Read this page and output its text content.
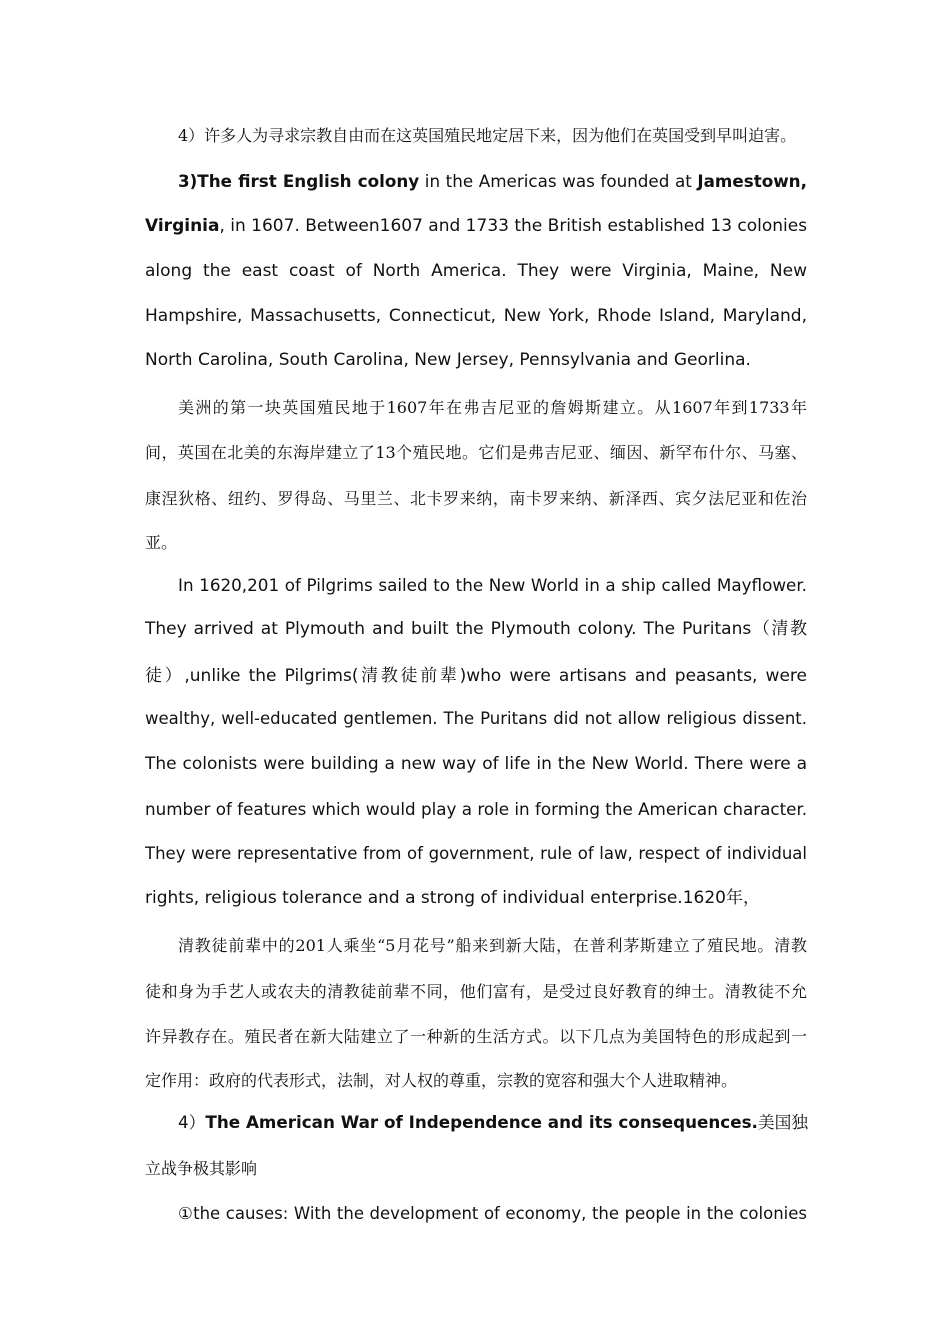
4）许多人为寻求宗教自由而在这英国殖民地定居下来，因为他们在英国受到早叫迫害。
3)The first English colony in the Americas was founded at Jamestown,
Virginia, in 1607. Between1607 and 1733 the British established 13 colonies
along the east coast of North America. They were Virginia, Maine, New
Hampshire, Massachusetts, Connecticut, New York, Rhode Island, Maryland,
North Carolina, South Carolina, New Jersey, Pennsylvania and Georlina.
美洲的第一块英国殖民地于1607年在弗吉尼亚的詹姆斯建立。从1607年到1733年
间，英国在北美的东海岸建立了13个殖民地。它们是弗吉尼亚、缅因、新罕布什尔、马塞、
康涅狄格、纽约、罗得岛、马里兰、北卡罗来纳，南卡罗来纳、新泽西、宾夕法尼亚和佐治
亚。
In 1620,201 of Pilgrims sailed to the New World in a ship called Mayflower.
They arrived at Plymouth and built the Plymouth colony. The Puritans（清教
徒）,unlike the Pilgrims(清教徒前辈)who were artisans and peasants, were
wealthy, well-educated gentlemen. The Puritans did not allow religious dissent.
The colonists were building a new way of life in the New World. There were a
number of features which would play a role in forming the American character.
They were representative from of government, rule of law, respect of individual
rights, religious tolerance and a strong of individual enterprise.1620年，
清教徒前辈中的201人乘坐“5月花号”船来到新大陆，在普利茅斯建立了殖民地。清教
徒和身为手艺人或农夫的清教徒前辈不同，他们富有，是受过良好教育的绅士。清教徒不允
许异教存在。殖民者在新大陆建立了一种新的生活方式。以下几点为美国特色的形成起到一
定作用：政府的代表形式，法制，对人权的尊重，宗教的宽容和强大个人进取精神。
4）The American War of Independence and its consequences.美国独
立战争极其影响
①the causes: With the development of economy, the people in the colonies
